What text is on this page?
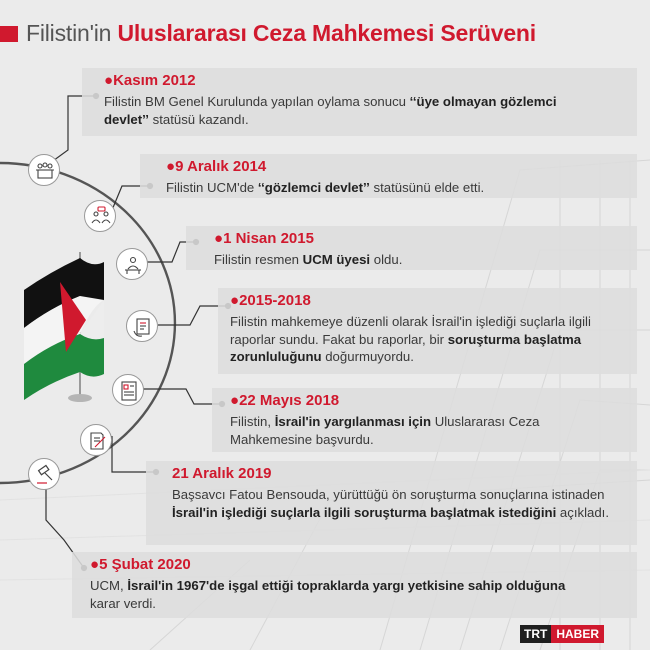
Filistin'in Uluslararası Ceza Mahkemesi Serüveni
●Kasım 2012
●9 Aralık 2014
●1 Nisan 2015
●2015-2018
●22 Mayıs 2018
21 Aralık 2019
●5 Şubat 2020
Filistin BM Genel Kurulunda yapılan oylama sonucu ‘‘üye olmayan gözlemci devlet’’ statüsü kazandı.
Filistin UCM'de ‘‘gözlemci devlet’’ statüsünü elde etti.
Filistin resmen UCM üyesi oldu.
Filistin mahkemeye düzenli olarak İsrail'in işlediği suçlarla ilgili raporlar sundu. Fakat bu raporlar, bir soruşturma başlatma zorunluluğunu doğurmuyordu.
Filistin, İsrail'in yargılanması için Uluslararası Ceza Mahkemesine başvurdu.
Başsavcı Fatou Bensouda, yürüttüğü ön soruşturma sonuçlarına istinaden İsrail'in işlediği suçlarla ilgili soruşturma başlatmak istediğini açıkladı.
UCM, İsrail'in 1967'de işgal ettiği topraklarda yargı yetkisine sahip olduğuna karar verdi.
TRT HABER
